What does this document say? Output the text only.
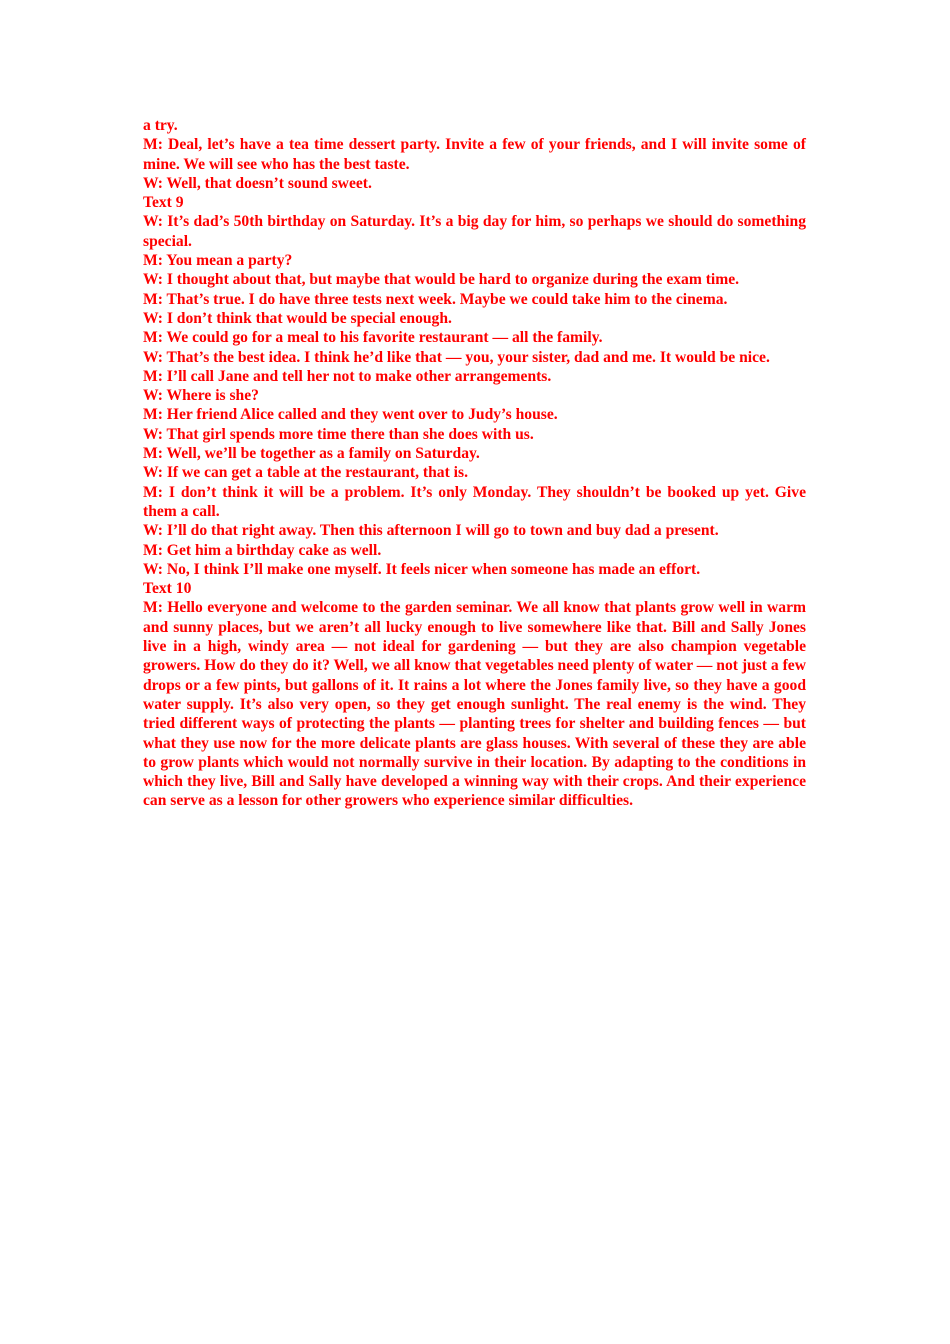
a try.

M: Deal, let’s have a tea time dessert party. Invite a few of your friends, and I will invite some of mine. We will see who has the best taste.

W: Well, that doesn’t sound sweet.

Text 9

W: It’s dad’s 50th birthday on Saturday. It’s a big day for him, so perhaps we should do something special.

M: You mean a party?

W: I thought about that, but maybe that would be hard to organize during the exam time.

M: That’s true. I do have three tests next week. Maybe we could take him to the cinema.

W: I don’t think that would be special enough.

M: We could go for a meal to his favorite restaurant — all the family.

W: That’s the best idea. I think he’d like that — you, your sister, dad and me. It would be nice.

M: I’ll call Jane and tell her not to make other arrangements.

W: Where is she?

M: Her friend Alice called and they went over to Judy’s house.

W: That girl spends more time there than she does with us.

M: Well, we’ll be together as a family on Saturday.

W: If we can get a table at the restaurant, that is.

M: I don’t think it will be a problem. It’s only Monday. They shouldn’t be booked up yet. Give them a call.

W: I’ll do that right away. Then this afternoon I will go to town and buy dad a present.

M: Get him a birthday cake as well.

W: No, I think I’ll make one myself. It feels nicer when someone has made an effort.

Text 10

M: Hello everyone and welcome to the garden seminar. We all know that plants grow well in warm and sunny places, but we aren’t all lucky enough to live somewhere like that. Bill and Sally Jones live in a high, windy area — not ideal for gardening — but they are also champion vegetable growers. How do they do it? Well, we all know that vegetables need plenty of water — not just a few drops or a few pints, but gallons of it. It rains a lot where the Jones family live, so they have a good water supply. It’s also very open, so they get enough sunlight. The real enemy is the wind. They tried different ways of protecting the plants — planting trees for shelter and building fences — but what they use now for the more delicate plants are glass houses. With several of these they are able to grow plants which would not normally survive in their location. By adapting to the conditions in which they live, Bill and Sally have developed a winning way with their crops. And their experience can serve as a lesson for other growers who experience similar difficulties.
